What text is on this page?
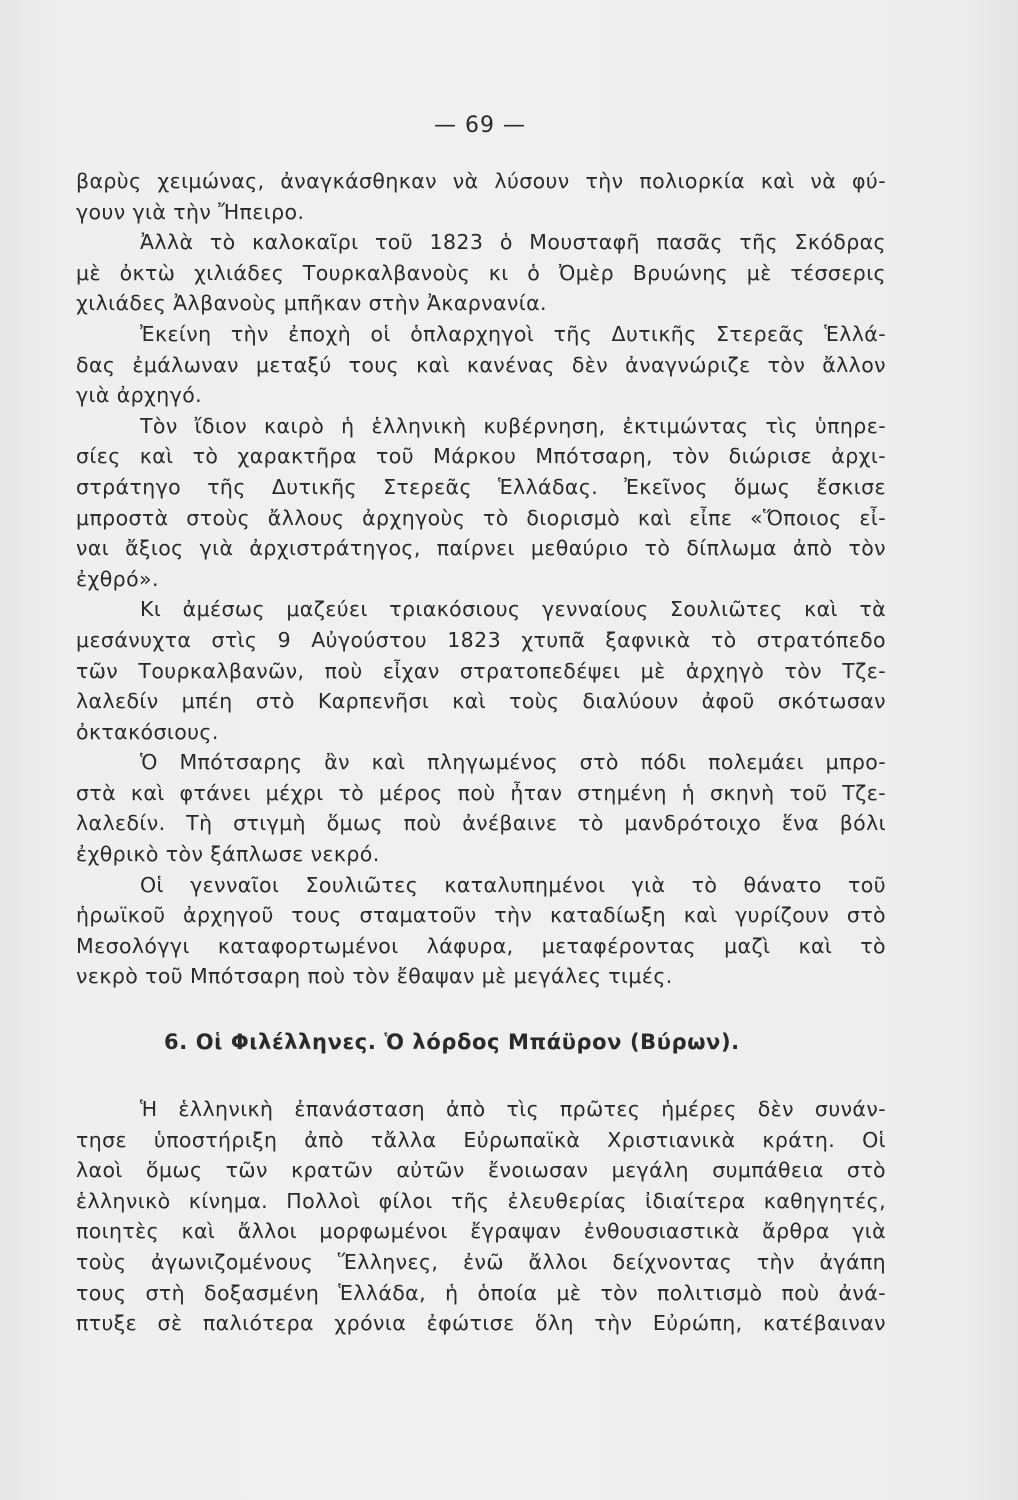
— 69 —
βαρὺς χειμώνας, ἀναγκάσθηκαν νὰ λύσουν τὴν πολιορκία καὶ νὰ φύ-
γουν γιὰ τὴν Ἤπειρο.
Ἀλλὰ τὸ καλοκαῖρι τοῦ 1823 ὁ Μουσταφῆ πασᾶς τῆς Σκόδρας
μὲ ὀκτὼ χιλιάδες Τουρκαλβανοὺς κι ὁ Ὀμὲρ Βρυώνης μὲ τέσσερις
χιλιάδες Ἀλβανοὺς μπῆκαν στὴν Ἀκαρνανία.
Ἐκείνη τὴν ἐποχὴ οἱ ὁπλαρχηγοὶ τῆς Δυτικῆς Στερεᾶς Ἑλλά-
δας ἐμάλωναν μεταξύ τους καὶ κανένας δὲν ἀναγνώριζε τὸν ἄλλον
γιὰ ἀρχηγό.
Τὸν ἴδιον καιρὸ ἡ ἑλληνικὴ κυβέρνηση, ἐκτιμώντας τὶς ὑπηρε-
σίες καὶ τὸ χαρακτῆρα τοῦ Μάρκου Μπότσαρη, τὸν διώρισε ἀρχι-
στράτηγο τῆς Δυτικῆς Στερεᾶς Ἑλλάδας. Ἐκεῖνος ὅμως ἔσκισε
μπροστὰ στοὺς ἄλλους ἀρχηγοὺς τὸ διορισμὸ καὶ εἶπε «Ὅποιος εἶ-
ναι ἄξιος γιὰ ἀρχιστράτηγος, παίρνει μεθαύριο τὸ δίπλωμα ἀπὸ τὸν
ἐχθρό».
Κι ἀμέσως μαζεύει τριακόσιους γενναίους Σουλιῶτες καὶ τὰ
μεσάνυχτα στὶς 9 Αὐγούστου 1823 χτυπᾶ ξαφνικὰ τὸ στρατόπεδο
τῶν Τουρκαλβανῶν, ποὺ εἶχαν στρατοπεδέψει μὲ ἀρχηγὸ τὸν Τζε-
λαλεδίν μπέη στὸ Καρπενῆσι καὶ τοὺς διαλύουν ἀφοῦ σκότωσαν
ὀκτακόσιους.
Ὁ Μπότσαρης ἂν καὶ πληγωμένος στὸ πόδι πολεμάει μπρο-
στὰ καὶ φτάνει μέχρι τὸ μέρος ποὺ ἦταν στημένη ἡ σκηνὴ τοῦ Τζε-
λαλεδίν. Τὴ στιγμὴ ὅμως ποὺ ἀνέβαινε τὸ μανδρότοιχο ἕνα βόλι
ἐχθρικὸ τὸν ξάπλωσε νεκρό.
Οἱ γενναῖοι Σουλιῶτες καταλυπημένοι γιὰ τὸ θάνατο τοῦ
ἡρωϊκοῦ ἀρχηγοῦ τους σταματοῦν τὴν καταδίωξη καὶ γυρίζουν στὸ
Μεσολόγγι καταφορτωμένοι λάφυρα, μεταφέροντας μαζὶ καὶ τὸ
νεκρὸ τοῦ Μπότσαρη ποὺ τὸν ἔθαψαν μὲ μεγάλες τιμές.
6. Οἱ Φιλέλληνες. Ὁ λόρδος Μπάϋρον (Βύρων).
Ἡ ἑλληνικὴ ἐπανάσταση ἀπὸ τὶς πρῶτες ἡμέρες δὲν συνάν-
τησε ὑποστήριξη ἀπὸ τἄλλα Εὐρωπαϊκὰ Χριστιανικὰ κράτη. Οἱ
λαοὶ ὅμως τῶν κρατῶν αὐτῶν ἔνοιωσαν μεγάλη συμπάθεια στὸ
ἑλληνικὸ κίνημα. Πολλοὶ φίλοι τῆς ἐλευθερίας ἰδιαίτερα καθηγητές,
ποιητὲς καὶ ἄλλοι μορφωμένοι ἔγραψαν ἐνθουσιαστικὰ ἄρθρα γιὰ
τοὺς ἀγωνιζομένους Ἕλληνες, ἐνῶ ἄλλοι δείχνοντας τὴν ἀγάπη
τους στὴ δοξασμένη Ἑλλάδα, ἡ ὁποία μὲ τὸν πολιτισμὸ ποὺ ἀνά-
πτυξε σὲ παλιότερα χρόνια ἐφώτισε ὅλη τὴν Εὐρώπη, κατέβαιναν
